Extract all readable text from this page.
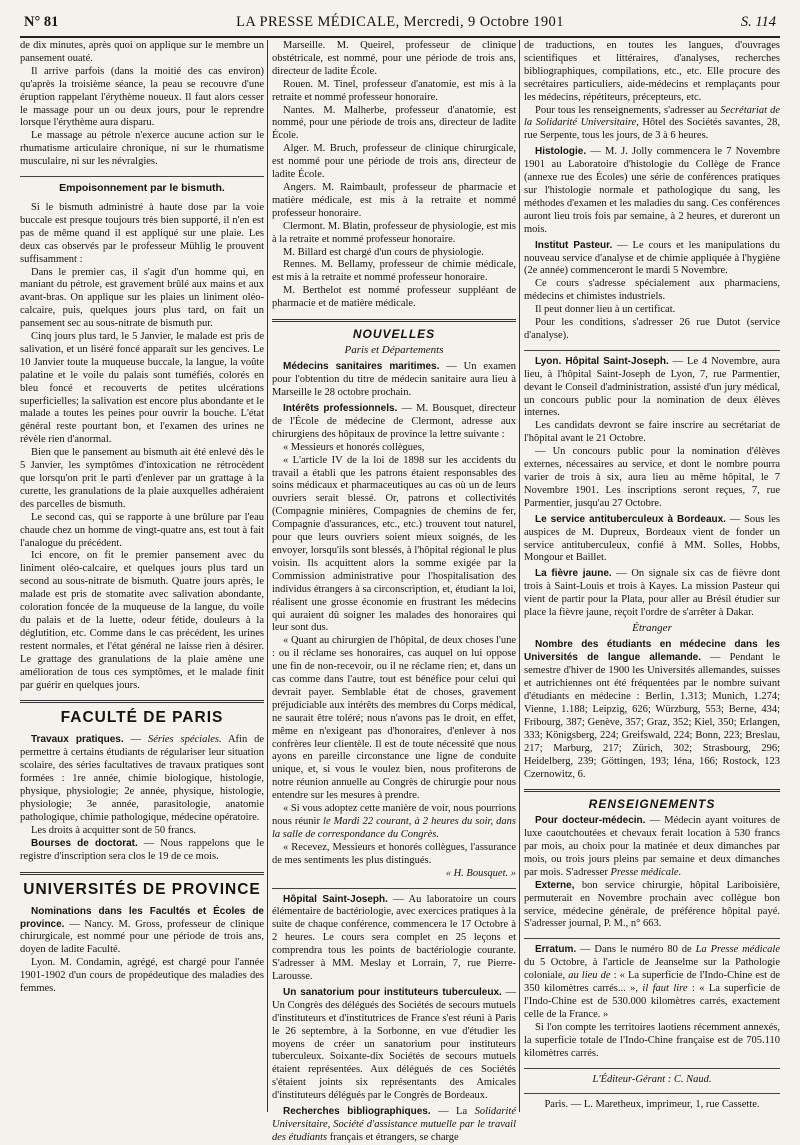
N° 81	LA PRESSE MÉDICALE, Mercredi, 9 Octobre 1901	S. 114

de dix minutes, après quoi on applique sur le membre un pansement ouaté.

Il arrive parfois (dans la moitié des cas environ) qu'après la troisième séance, la peau se recouvre d'une éruption rappelant l'érythème noueux. Il faut alors cesser le massage pour un ou deux jours, pour le reprendre lorsque l'érythème aura disparu.

Le massage au pétrole n'exerce aucune action sur le rhumatisme articulaire chronique, ni sur le rhumatisme musculaire, ni sur les névralgies.

Empoisonnement par le bismuth.

Si le bismuth administré à haute dose par la voie buccale est presque toujours très bien supporté, il n'en est pas de même quand il est appliqué sur une plaie. Les deux cas observés par le professeur Mühlig le prouvent suffisamment :

Dans le premier cas, il s'agit d'un homme qui, en maniant du pétrole, est gravement brûlé aux mains et aux avant-bras. On applique sur les plaies un liniment oléo-calcaire, puis, quelques jours plus tard, on fait un pansement sec au sous-nitrate de bismuth pur.

Cinq jours plus tard, le 5 Janvier, le malade est pris de salivation, et un liséré foncé apparaît sur les gencives. Le 10 Janvier toute la muqueuse buccale, la langue, la voûte palatine et le voile du palais sont tuméfiés, colorés en bleu foncé et recouverts de petites ulcérations superficielles; la salivation est encore plus abondante et le malade a toutes les peines pour ouvrir la bouche. L'état général reste pourtant bon, et l'examen des urines ne révèle rien d'anormal.

Bien que le pansement au bismuth ait été enlevé dès le 5 Janvier, les symptômes d'intoxication ne rétrocèdent que lorsqu'on prit le parti d'enlever par un grattage à la curette, les granulations de la plaie auxquelles adhéraient des parcelles de bismuth.

Le second cas, qui se rapporte à une brûlure par l'eau chaude chez un homme de vingt-quatre ans, est tout à fait l'analogue du précédent.

Ici encore, on fit le premier pansement avec du liniment oléo-calcaire, et quelques jours plus tard un second au sous-nitrate de bismuth. Quatre jours après, le malade est pris de stomatite avec salivation abondante, coloration foncée de la muqueuse de la langue, du voile du palais et de la luette, odeur fétide, douleurs à la déglutition, etc. Comme dans le cas précédent, les urines restent normales, et l'état général ne laisse rien à désirer. Le grattage des granulations de la plaie amène une amélioration de tous ces symptômes, et le malade finit par guérir en quelques jours.

FACULTÉ DE PARIS

Travaux pratiques. — Séries spéciales. Afin de permettre à certains étudiants de régulariser leur situation scolaire, des séries facultatives de travaux pratiques sont formées : 1re année, chimie biologique, histologie, physique, physiologie; 2e année, physique, histologie, physiologie; 3e année, parasitologie, anatomie pathologique, chimie pathologique, médecine opératoire.

Les droits à acquitter sont de 50 francs.

Bourses de doctorat. — Nous rappelons que le registre d'inscription sera clos le 19 de ce mois.

UNIVERSITÉS DE PROVINCE

Nominations dans les Facultés et Écoles de province. — Nancy. M. Gross, professeur de clinique chirurgicale, est nommé pour une période de trois ans, doyen de ladite Faculté.

Lyon. M. Condamin, agrégé, est chargé pour l'année 1901-1902 d'un cours de propédeutique des maladies des femmes.

Marseille. M. Queirel, professeur de clinique obstétricale, est nommé, pour une période de trois ans, directeur de ladite École.

Rouen. M. Tinel, professeur d'anatomie, est mis à la retraite et nommé professeur honoraire.

Nantes. M. Malherbe, professeur d'anatomie, est nommé, pour une période de trois ans, directeur de ladite École.

Alger. M. Bruch, professeur de clinique chirurgicale, est nommé pour une période de trois ans, directeur de ladite École.

Angers. M. Raimbault, professeur de pharmacie et matière médicale, est mis à la retraite et nommé professeur honoraire.

Clermont. M. Blatin, professeur de physiologie, est mis à la retraite et nommé professeur honoraire.

M. Billard est chargé d'un cours de physiologie.

Rennes. M. Bellamy, professeur de chimie médicale, est mis à la retraite et nommé professeur honoraire.

M. Berthelot est nommé professeur suppléant de pharmacie et de matière médicale.

NOUVELLES
Paris et Départements

Médecins sanitaires maritimes. — Un examen pour l'obtention du titre de médecin sanitaire aura lieu à Marseille le 28 octobre prochain.

Intérêts professionnels. — M. Bousquet, directeur de l'École de médecine de Clermont, adresse aux chirurgiens des hôpitaux de province la lettre suivante :

« Messieurs et honorés collègues,

« L'article IV de la loi de 1898 sur les accidents du travail a établi que les patrons étaient responsables des soins médicaux et pharmaceutiques au cas où un de leurs ouvriers serait blessé. Or, patrons et collectivités (Compagnie minières, Compagnies de chemins de fer, Compagnie d'assurances, etc., etc.) trouvent tout naturel, pour que leurs ouvriers soient mieux soignés, de les envoyer, lorsqu'ils sont blessés, à l'hôpital régional le plus voisin. Ils acquittent alors la somme exigée par la Commission administrative pour l'hospitalisation des individus étrangers à sa circonscription, et, étudiant la loi, réalisent une grosse économie en frustrant les médecins qui auraient dû soigner les malades des honoraires qui leur sont dus.

« Quant au chirurgien de l'hôpital, de deux choses l'une : ou il réclame ses honoraires, cas auquel on lui oppose une fin de non-recevoir, ou il ne réclame rien; et, dans un cas comme dans l'autre, tout est bénéfice pour celui qui devrait payer. Semblable état de choses, gravement préjudiciable aux intérêts des membres du Corps médical, ne saurait être toléré; nous n'avons pas le droit, en effet, même en n'exigeant pas d'honoraires, d'enlever à nos confrères leur clientèle. Il est de toute nécessité que nous ayons en pareille circonstance une ligne de conduite unique, et, si vous le voulez bien, nous profiterons de notre réunion annuelle au Congrès de chirurgie pour nous entendre sur les mesures à prendre.

« Si vous adoptez cette manière de voir, nous pourrions nous réunir le Mardi 22 courant, à 2 heures du soir, dans la salle de correspondance du Congrès.

« Recevez, Messieurs et honorés collègues, l'assurance de mes sentiments les plus distingués.

« H. Bousquet. »

Hôpital Saint-Joseph. — Au laboratoire un cours élémentaire de bactériologie, avec exercices pratiques à la suite de chaque conférence, commencera le 17 Octobre à 2 heures. Le cours sera complet en 25 leçons et comprendra tous les points de bactériologie courante. S'adresser à MM. Meslay et Lorrain, 7, rue Pierre-Larousse.

Un sanatorium pour instituteurs tuberculeux. — Un Congrès des délégués des Sociétés de secours mutuels d'instituteurs et d'institutrices de France s'est réuni à Paris le 26 septembre, à la Sorbonne, en vue d'étudier les moyens de créer un sanatorium pour instituteurs tuberculeux. Soixante-dix Sociétés de secours mutuels étaient représentées. Aux délégués de ces Sociétés s'étaient joints six représentants des Amicales d'instituteurs délégués par le Congrès de Bordeaux.

Recherches bibliographiques. — La Solidarité Universitaire, Société d'assistance mutuelle par le travail des étudiants français et étrangers, se charge

de traductions, en toutes les langues, d'ouvrages scientifiques et littéraires, d'analyses, recherches bibliographiques, compilations, etc., etc. Elle procure des secrétaires particuliers, aide-médecins et remplaçants pour les médecins, répétiteurs, précepteurs, etc.

Pour tous les renseignements, s'adresser au Secrétariat de la Solidarité Universitaire, Hôtel des Sociétés savantes, 28, rue Serpente, tous les jours, de 3 à 6 heures.

Histologie. — M. J. Jolly commencera le 7 Novembre 1901 au Laboratoire d'histologie du Collège de France (annexe rue des Écoles) une série de conférences pratiques sur l'histologie normale et pathologique du sang, les méthodes d'examen et les maladies du sang. Ces conférences auront lieu trois fois par semaine, à 2 heures, et dureront un mois.

Institut Pasteur. — Le cours et les manipulations du nouveau service d'analyse et de chimie appliquée à l'hygiène (2e année) commenceront le mardi 5 Novembre.

Ce cours s'adresse spécialement aux pharmaciens, médecins et chimistes industriels.

Il peut donner lieu à un certificat.

Pour les conditions, s'adresser 26 rue Dutot (service d'analyse).

Lyon. Hôpital Saint-Joseph. — Le 4 Novembre, aura lieu, à l'hôpital Saint-Joseph de Lyon, 7, rue Parmentier, devant le Conseil d'administration, assisté d'un jury médical, un concours public pour la nomination de deux élèves internes.

Les candidats devront se faire inscrire au secrétariat de l'hôpital avant le 21 Octobre.

— Un concours public pour la nomination d'élèves externes, nécessaires au service, et dont le nombre pourra varier de trois à six, aura lieu au même hôpital, le 7 Novembre 1901. Les inscriptions seront reçues, 7, rue Parmentier, jusqu'au 27 Octobre.

Le service antituberculeux à Bordeaux. — Sous les auspices de M. Dupreux, Bordeaux vient de fonder un service antituberculeux, confié à MM. Solles, Hobbs, Mongour et Baillet.

La fièvre jaune. — On signale six cas de fièvre dont trois à Saint-Louis et trois à Kayes. La mission Pasteur qui vient de partir pour la Plata, pour aller au Brésil étudier sur place la fièvre jaune, reçoit l'ordre de s'arrêter à Dakar.

Étranger

Nombre des étudiants en médecine dans les Universités de langue allemande. — Pendant le semestre d'hiver de 1900 les Universités allemandes, suisses et autrichiennes ont été fréquentées par le nombre suivant d'étudiants en médecine : Berlin, 1.313; Munich, 1.274; Vienne, 1.188; Leipzig, 626; Würzburg, 553; Berne, 434; Fribourg, 387; Genève, 357; Graz, 352; Kiel, 350; Erlangen, 333; Königsberg, 224; Greifswald, 224; Bonn, 223; Breslau, 217; Marburg, 217; Zürich, 302; Strasbourg, 296; Heidelberg, 239; Göttingen, 193; Iéna, 166; Rostock, 123 Czernowitz, 6.

RENSEIGNEMENTS

Pour docteur-médecin. — Médecin ayant voitures de luxe caoutchoutées et chevaux ferait location à 530 francs par mois, au choix pour la matinée et deux dimanches par mois, ou trois jours pleins par semaine et deux dimanches par mois. S'adresser Presse médicale.

Externe, bon service chirurgie, hôpital Lariboisière, permuterait en Novembre prochain avec collègue bon service, médecine générale, de préférence hôpital payé. S'adresser journal, P. M., n° 663.

Erratum. — Dans le numéro 80 de La Presse médicale du 5 Octobre, à l'article de Jeanselme sur la Pathologie coloniale, au lieu de : « La superficie de l'Indo-Chine est de 350 kilomètres carrés... », il faut lire : « La superficie de l'Indo-Chine est de 530.000 kilomètres carrés, exactement celle de la France. »

Si l'on compte les territoires laotiens récemment annexés, la superficie totale de l'Indo-Chine française est de 705.110 kilomètres carrés.

L'Éditeur-Gérant : C. Naud.

Paris. — L. Maretheux, imprimeur, 1, rue Cassette.
